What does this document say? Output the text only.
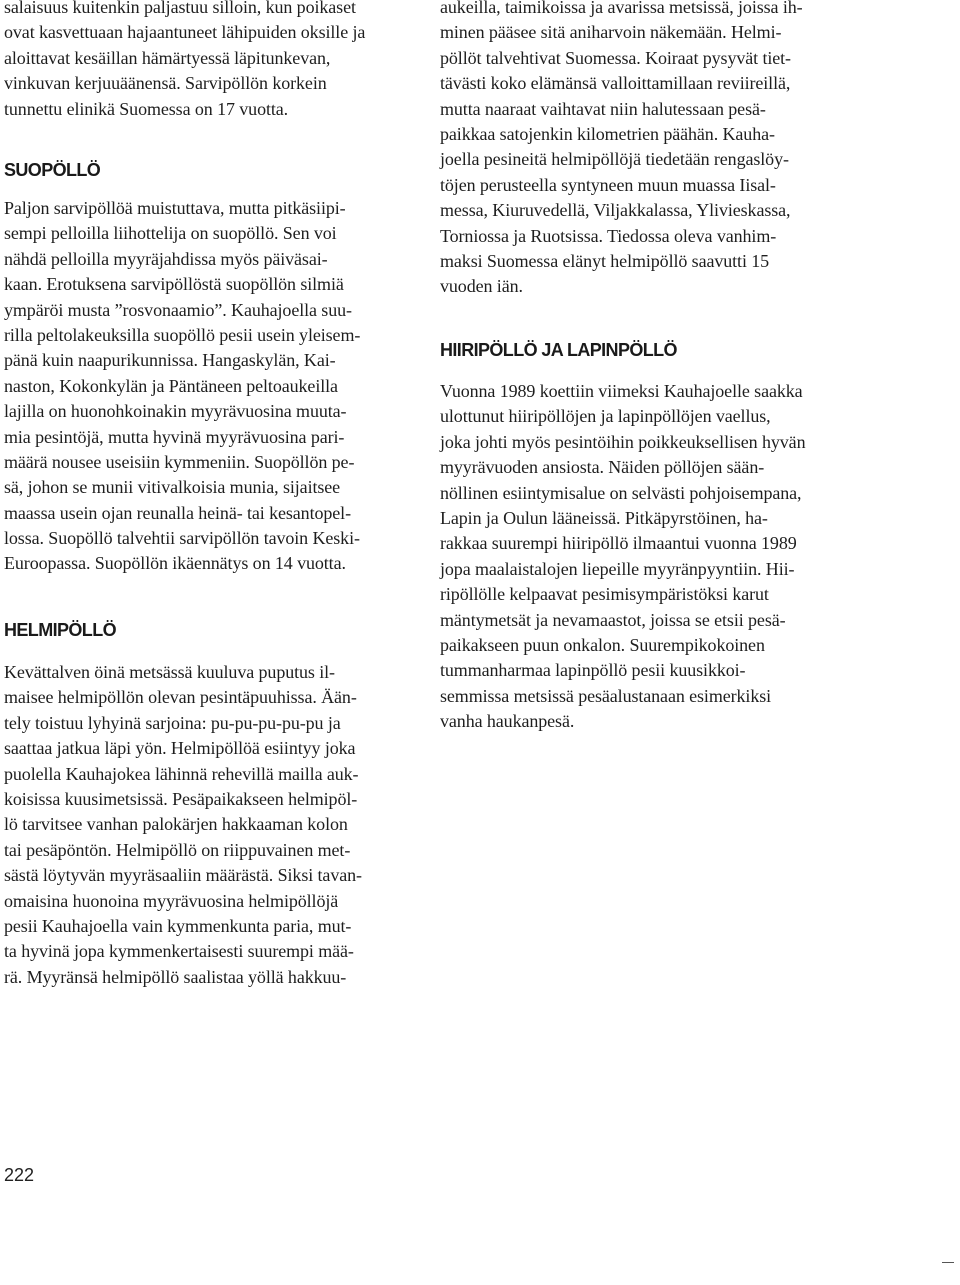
salaisuus kuitenkin paljastuu silloin, kun poikaset
ovat kasvettuaan hajaantuneet lähipuiden oksille ja
aloittavat kesäillan hämärtyessä läpitunkevan,
vinkuvan kerjuuäänensä. Sarvipöllön korkein
tunnettu elinikä Suomessa on 17 vuotta.
SUOPÖLLÖ
Paljon sarvipöllöä muistuttava, mutta pitkäsiipi-
sempi pelloilla liihottelija on suopöllö. Sen voi
nähdä pelloilla myyräjahdissa myös päiväsai-
kaan. Erotuksena sarvipöllöstä suopöllön silmiä
ympäröi musta ”rosvonaamio”. Kauhajoella suu-
rilla peltolakeuksilla suopöllö pesii usein yleisem-
pänä kuin naapurikunnissa. Hangaskylän, Kai-
naston, Kokonkylän ja Päntäneen peltoaukeilla
lajilla on huonohkoinakin myyrävuosina muuta-
mia pesintöjä, mutta hyvinä myyrävuosina pari-
määrä nousee useisiin kymmeniin. Suopöllön pe-
sä, johon se munii vitivalkoisia munia, sijaitsee
maassa usein ojan reunalla heinä- tai kesantopel-
lossa. Suopöllö talvehtii sarvipöllön tavoin Keski-
Euroopassa. Suopöllön ikäennätys on 14 vuotta.
HELMIPÖLLÖ
Kevättalven öinä metsässä kuuluva puputus il-
maisee helmipöllön olevan pesintäpuuhissa. Ään-
tely toistuu lyhyinä sarjoina: pu-pu-pu-pu-pu ja
saattaa jatkua läpi yön. Helmipöllöä esiintyy joka
puolella Kauhajokea lähinnä rehevillä mailla auk-
koisissa kuusimetsissä. Pesäpaikakseen helmipöl-
lö tarvitsee vanhan palokärjen hakkaaman kolon
tai pesäpöntön. Helmipöllö on riippuvainen met-
sästä löytyvän myyräsaaliin määrästä. Siksi tavan-
omaisina huonoina myyrävuosina helmipöllöjä
pesii Kauhajoella vain kymmenkunta paria, mut-
ta hyvinä jopa kymmenkertaisesti suurempi mää-
rä. Myyränsä helmipöllö saalistaa yöllä hakkuu-
aukeilla, taimikoissa ja avarissa metsissä, joissa ih-
minen pääsee sitä aniharvoin näkemään. Helmi-
pöllöt talvehtivat Suomessa. Koiraat pysyvät tiet-
tävästi koko elämänsä valloittamillaan reviireillä,
mutta naaraat vaihtavat niin halutessaan pesä-
paikkaa satojenkin kilometrien päähän. Kauha-
joella pesineitä helmipöllöjä tiedetään rengaslöy-
töjen perusteella syntyneen muun muassa Iisal-
messa, Kiuruvedellä, Viljakkalassa, Ylivieskassa,
Torniossa ja Ruotsissa. Tiedossa oleva vanhim-
maksi Suomessa elänyt helmipöllö saavutti 15
vuoden iän.
HIIRIPÖLLÖ JA LAPINPÖLLÖ
Vuonna 1989 koettiin viimeksi Kauhajoelle saakka
ulottunut hiiripöllöjen ja lapinpöllöjen vaellus,
joka johti myös pesintöihin poikkeuksellisen hyvän
myyrävuoden ansiosta. Näiden pöllöjen sään-
nöllinen esiintymisalue on selvästi pohjoisempana,
Lapin ja Oulun lääneissä. Pitkäpyrstöinen, ha-
rakkaa suurempi hiiripöllö ilmaantui vuonna 1989
jopa maalaistalojen liepeille myyränpyyntiin. Hii-
ripöllölle kelpaavat pesimisympäristöksi karut
mäntymetsät ja nevamaastot, joissa se etsii pesä-
paikakseen puun onkalon. Suurempikokoinen
tummanharmaa lapinpöllö pesii kuusikkoi-
semmissa metsissä pesäalustanaan esimerkiksi
vanha haukanpesä.
222
